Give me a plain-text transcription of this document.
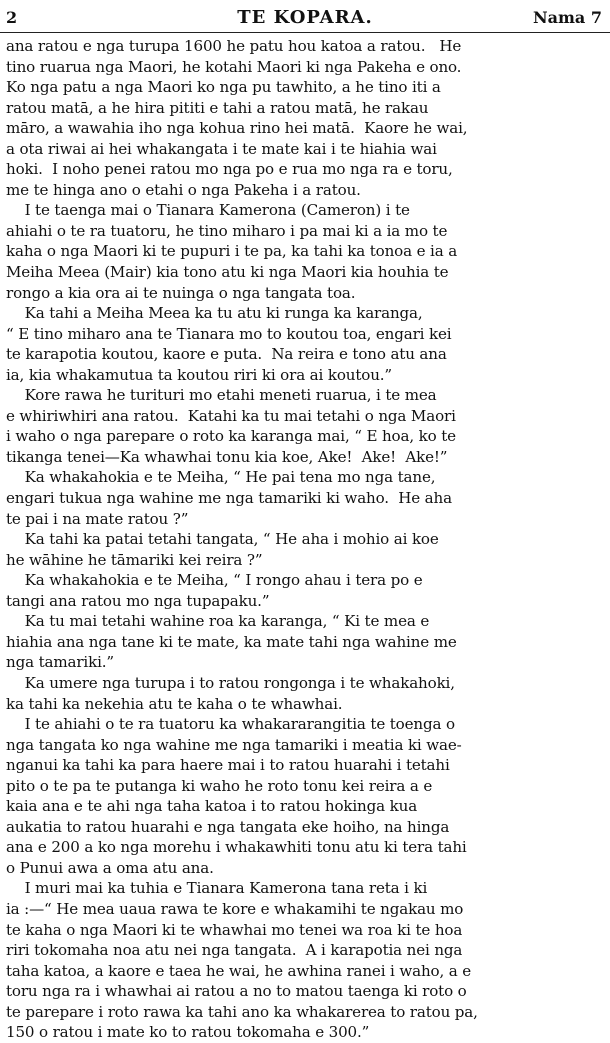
2	TE KOPARA.	Nama 7
ana ratou e nga turupa 1600 he patu hou katoa a ratou.   He
tino ruarua nga Maori, he kotahi Maori ki nga Pakeha e ono.
Ko nga patu a nga Maori ko nga pu tawhito, a he tino iti a
ratou matā, a he hira pititi e tahi a ratou matā, he rakau
māro, a wawahia iho nga kohua rino hei matā.  Kaore he wai,
a ota riwai ai hei whakangata i te mate kai i te hiahia wai
hoki.  I noho penei ratou mo nga po e rua mo nga ra e toru,
me te hinga ano o etahi o nga Pakeha i a ratou.
I te taenga mai o Tianara Kamerona (Cameron) i te
ahiahi o te ra tuatoru, he tino miharo i pa mai ki a ia mo te
kaha o nga Maori ki te pupuri i te pa, ka tahi ka tonoa e ia a
Meiha Meea (Mair) kia tono atu ki nga Maori kia houhia te
rongo a kia ora ai te nuinga o nga tangata toa.
Ka tahi a Meiha Meea ka tu atu ki runga ka karanga,
“ E tino miharo ana te Tianara mo to koutou toa, engari kei
te karapotia koutou, kaore e puta.  Na reira e tono atu ana
ia, kia whakamutua ta koutou riri ki ora ai koutou.”
Kore rawa he turituri mo etahi meneti ruarua, i te mea
e whiriwhiri ana ratou.  Katahi ka tu mai tetahi o nga Maori
i waho o nga parepare o roto ka karanga mai, “ E hoa, ko te
tikanga tenei—Ka whawhai tonu kia koe, Ake!  Ake!  Ake!”
Ka whakahokia e te Meiha, “ He pai tena mo nga tane,
engari tukua nga wahine me nga tamariki ki waho.  He aha
te pai i na mate ratou ?”
Ka tahi ka patai tetahi tangata, “ He aha i mohio ai koe
he wāhine he tāmariki kei reira ?”
Ka whakahokia e te Meiha, “ I rongo ahau i tera po e
tangi ana ratou mo nga tupapaku.”
Ka tu mai tetahi wahine roa ka karanga, “ Ki te mea e
hiahia ana nga tane ki te mate, ka mate tahi nga wahine me
nga tamariki.”
Ka umere nga turupa i to ratou rongonga i te whakahoki,
ka tahi ka nekehia atu te kaha o te whawhai.
I te ahiahi o te ra tuatoru ka whakararangitia te toenga o
nga tangata ko nga wahine me nga tamariki i meatia ki wae-
nganui ka tahi ka para haere mai i to ratou huarahi i tetahi
pito o te pa te putanga ki waho he roto tonu kei reira a e
kaia ana e te ahi nga taha katoa i to ratou hokinga kua
aukatia to ratou huarahi e nga tangata eke hoiho, na hinga
ana e 200 a ko nga morehu i whakawhiti tonu atu ki tera tahi
o Punui awa a oma atu ana.
I muri mai ka tuhia e Tianara Kamerona tana reta i ki
ia :—“ He mea uaua rawa te kore e whakamihi te ngakau mo
te kaha o nga Maori ki te whawhai mo tenei wa roa ki te hoa
riri tokomaha noa atu nei nga tangata.  A i karapotia nei nga
taha katoa, a kaore e taea he wai, he awhina ranei i waho, a e
toru nga ra i whawhai ai ratou a no to matou taenga ki roto o
te parepare i roto rawa ka tahi ano ka whakarerea to ratou pa,
150 o ratou i mate ko to ratou tokomaha e 300.”
